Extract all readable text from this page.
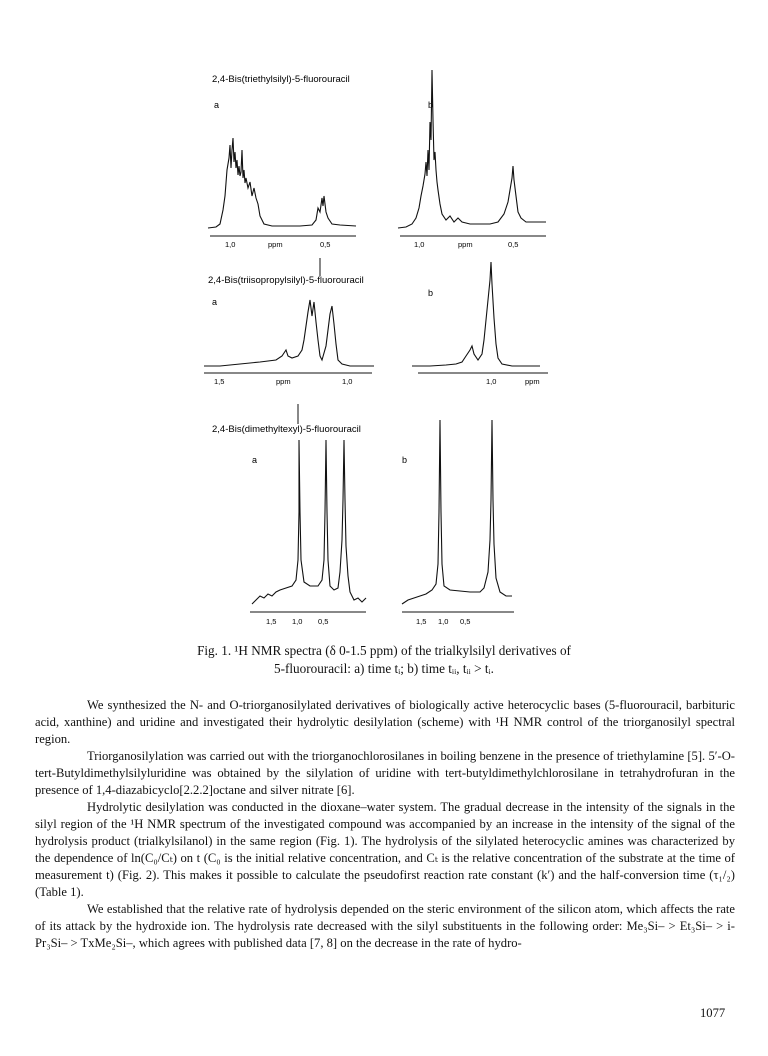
2,4-Bis(triethylsilyl)-5-fluorouracil
a	b
1,0	ppm	0,5	1,0	ppm	0,5
2,4-Bis(triisopropylsilyl)-5-fluorouracil
a
b
1,5	ppm	1,0	1,0	ppm
2,4-Bis(dimethyltexyl)-5-fluorouracil
a	b
1,5 1,0 0,5	1,5 1,0 0,5
Fig. 1. ¹H NMR spectra (δ 0-1.5 ppm) of the trialkylsilyl derivatives of
5-fluorouracil: a) time tᵢ; b) time tᵢᵢ, tᵢᵢ > tᵢ.

We synthesized the N- and O-triorganosilylated derivatives of biologically active heterocyclic bases (5-fluorouracil, barbituric acid, xanthine) and uridine and investigated their hydrolytic desilylation (scheme) with ¹H NMR control of the triorganosilyl spectral region.

Triorganosilylation was carried out with the triorganochlorosilanes in boiling benzene in the presence of triethylamine [5]. 5′-O-tert-Butyldimethylsilyluridine was obtained by the silylation of uridine with tert-butyldimethylchlorosilane in tetrahydrofuran in the presence of 1,4-diazabicyclo[2.2.2]octane and silver nitrate [6].

Hydrolytic desilylation was conducted in the dioxane–water system. The gradual decrease in the intensity of the signals in the silyl region of the ¹H NMR spectrum of the investigated compound was accompanied by an increase in the intensity of the signal of the hydrolysis product (trialkylsilanol) in the same region (Fig. 1). The hydrolysis of the silylated heterocyclic amines was characterized by the dependence of ln(C₀/Cₜ) on t (C₀ is the initial relative concentration, and Cₜ is the relative concentration of the substrate at the time of measurement t) (Fig. 2). This makes it possible to calculate the pseudofirst reaction rate constant (k′) and the half-conversion time (τ₁/₂) (Table 1).

We established that the relative rate of hydrolysis depended on the steric environment of the silicon atom, which affects the rate of its attack by the hydroxide ion. The hydrolysis rate decreased with the silyl substituents in the following order: Me₃Si– > Et₃Si– > i-Pr₃Si– > TxMe₂Si–, which agrees with published data [7, 8] on the decrease in the rate of hydro-

1077
